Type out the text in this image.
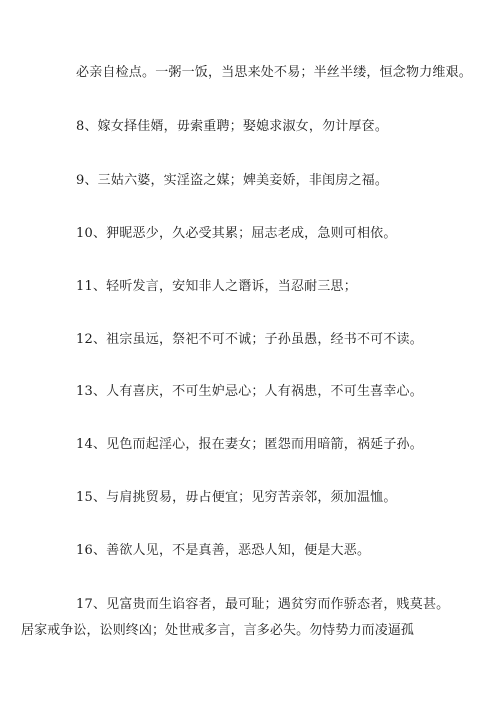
必亲自检点。一粥一饭，当思来处不易；半丝半缕，恒念物力维艰。

8、嫁女择佳婿，毋索重聘；娶媳求淑女，勿计厚奁。

9、三姑六婆，实淫盗之媒；婢美妾娇，非闺房之福。

10、狎昵恶少，久必受其累；屈志老成，急则可相依。

11、轻听发言，安知非人之谮诉，当忍耐三思；

12、祖宗虽远，祭祀不可不诚；子孙虽愚，经书不可不读。

13、人有喜庆，不可生妒忌心；人有祸患，不可生喜幸心。

14、见色而起淫心，报在妻女；匿怨而用暗箭，祸延子孙。

15、与肩挑贸易，毋占便宜；见穷苦亲邻，须加温恤。

16、善欲人见，不是真善，恶恐人知，便是大恶。

17、见富贵而生谄容者，最可耻；遇贫穷而作骄态者，贱莫甚。

居家戒争讼，讼则终凶；处世戒多言，言多必失。勿恃势力而凌逼孤
